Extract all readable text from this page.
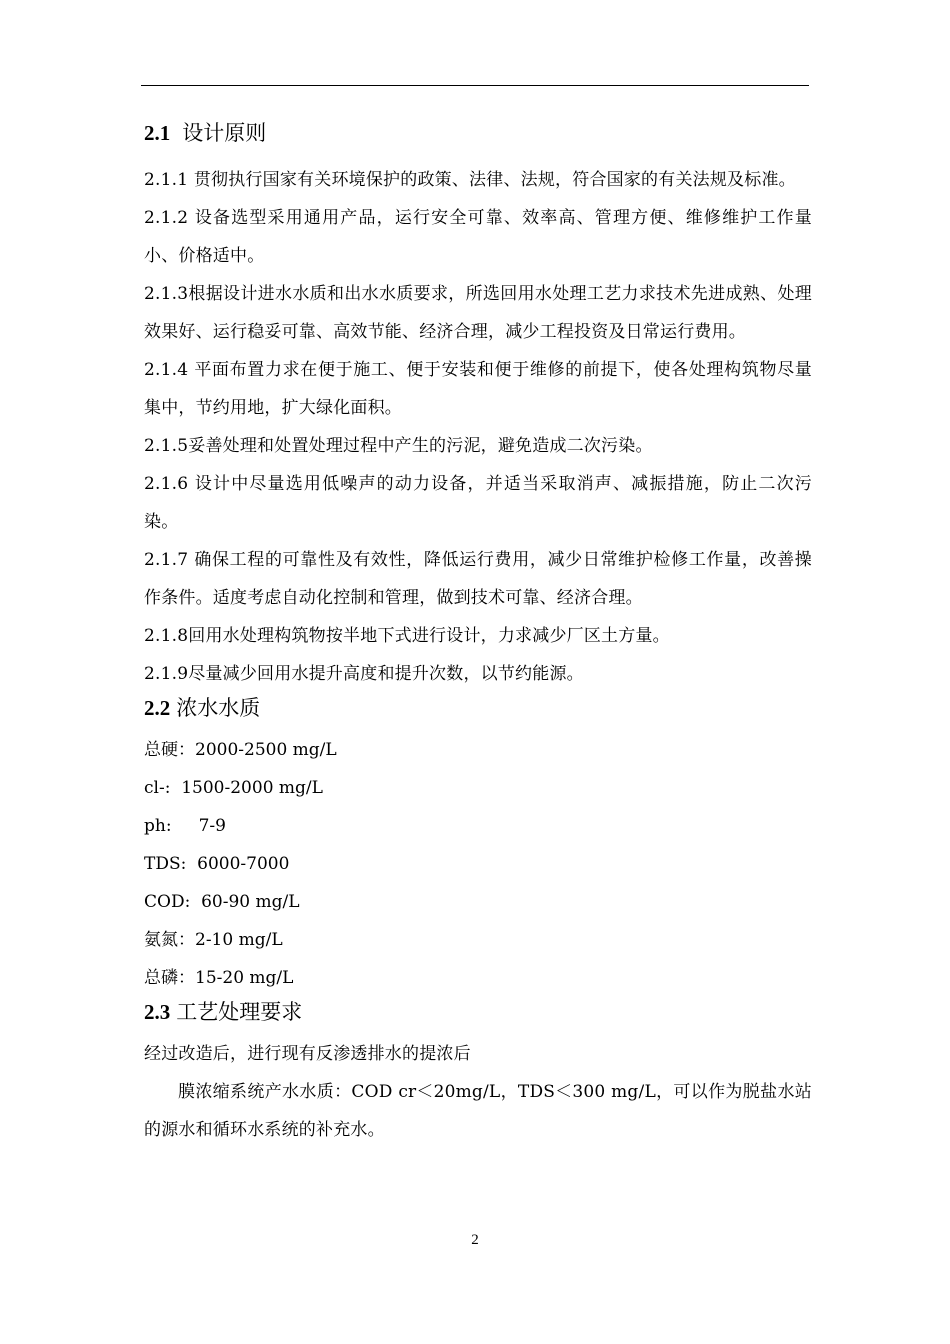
2.1 设计原则

2.1.1 贯彻执行国家有关环境保护的政策、法律、法规，符合国家的有关法规及标准。

2.1.2 设备选型采用通用产品，运行安全可靠、效率高、管理方便、维修维护工作量小、价格适中。

2.1.3根据设计进水水质和出水水质要求，所选回用水处理工艺力求技术先进成熟、处理效果好、运行稳妥可靠、高效节能、经济合理，减少工程投资及日常运行费用。

2.1.4 平面布置力求在便于施工、便于安装和便于维修的前提下，使各处理构筑物尽量集中，节约用地，扩大绿化面积。

2.1.5妥善处理和处置处理过程中产生的污泥，避免造成二次污染。

2.1.6 设计中尽量选用低噪声的动力设备，并适当采取消声、减振措施，防止二次污染。

2.1.7 确保工程的可靠性及有效性，降低运行费用，减少日常维护检修工作量，改善操作条件。适度考虑自动化控制和管理，做到技术可靠、经济合理。

2.1.8回用水处理构筑物按半地下式进行设计，力求减少厂区土方量。

2.1.9尽量减少回用水提升高度和提升次数，以节约能源。

2.2 浓水水质

总硬：2000-2500 mg/L

cl-:  1500-2000 mg/L

ph:     7-9

TDS:  6000-7000

COD:  60-90 mg/L

氨氮：2-10 mg/L

总磷：15-20 mg/L

2.3 工艺处理要求

经过改造后，进行现有反渗透排水的提浓后

膜浓缩系统产水水质：COD cr＜20mg/L，TDS＜300 mg/L，可以作为脱盐水站的源水和循环水系统的补充水。

2
